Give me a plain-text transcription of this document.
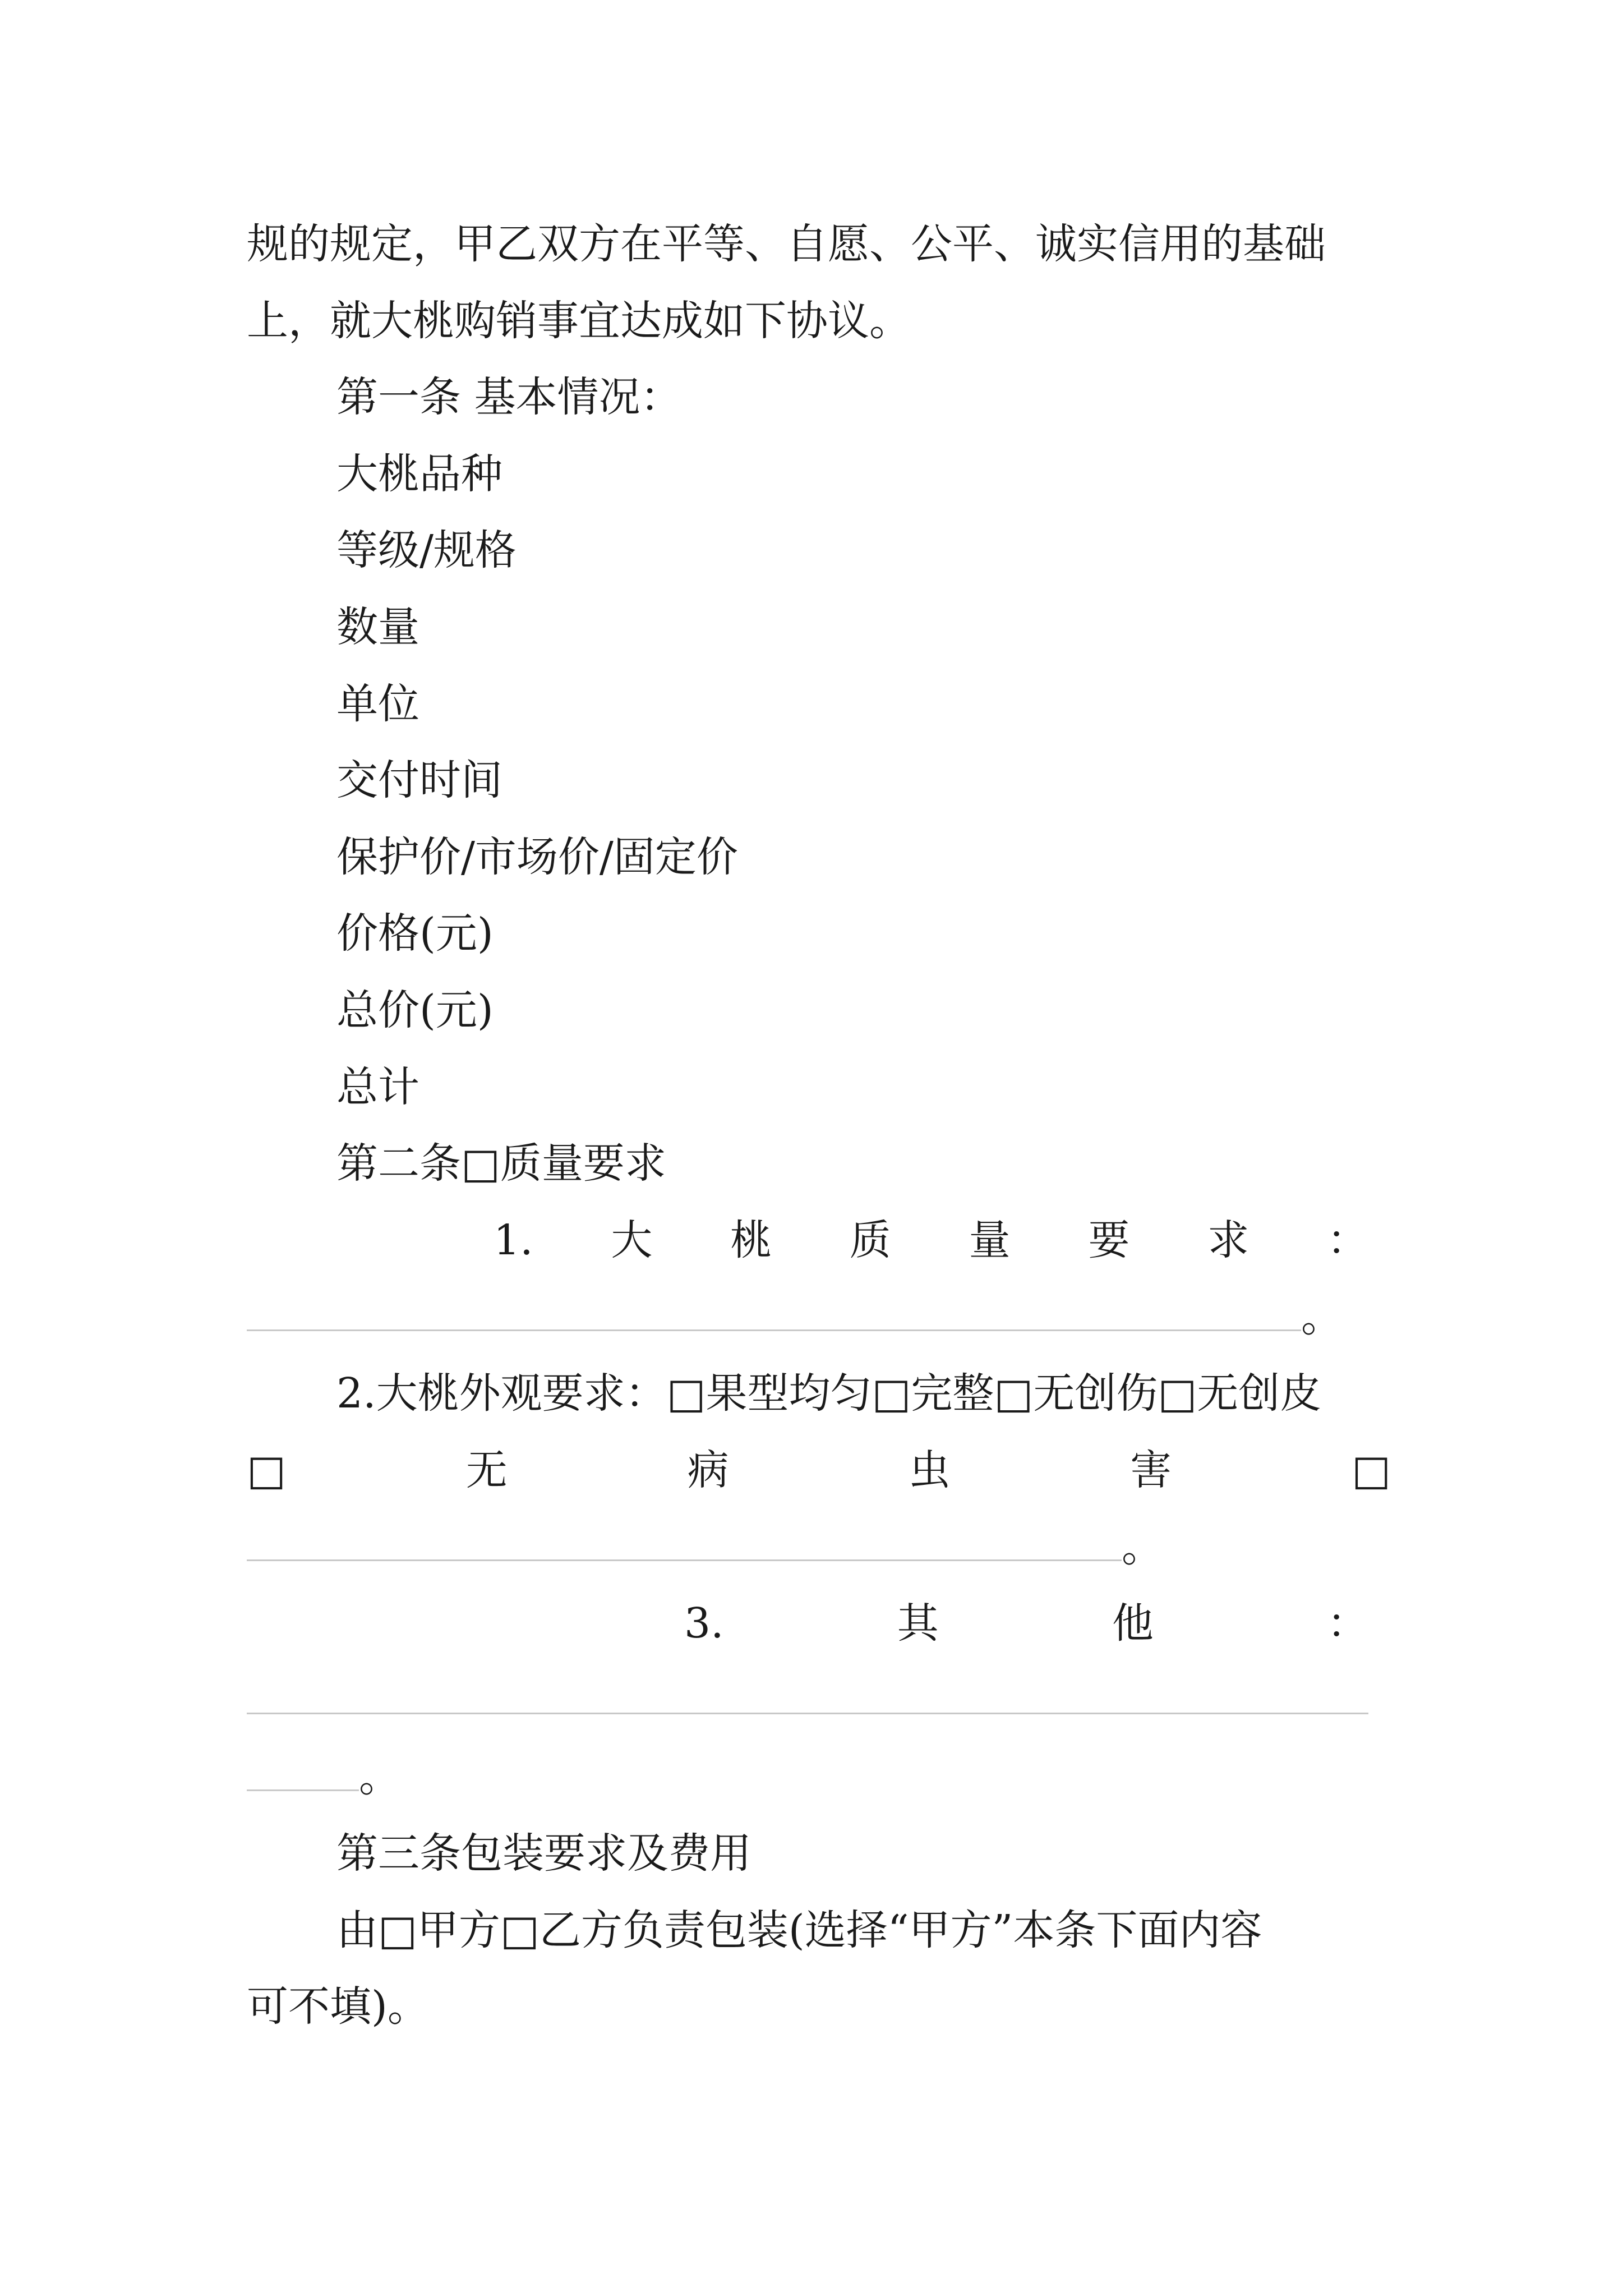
规的规定，甲乙双方在平等、自愿、公平、诚实信用的基础
上，就大桃购销事宜达成如下协议。
第一条 基本情况：
大桃品种
等级/规格
数量
单位
交付时间
保护价/市场价/固定价
价格(元)
总价(元)
总计
第二条□质量要求
1. 大 桃 质 量 要 求 ：
。
2.大桃外观要求：□果型均匀□完整□无创伤□无创皮
□	无	病	虫	害	□
。
3.	其	他	：
。
第三条包装要求及费用
由□甲方□乙方负责包装(选择“甲方”本条下面内容
可不填)。
